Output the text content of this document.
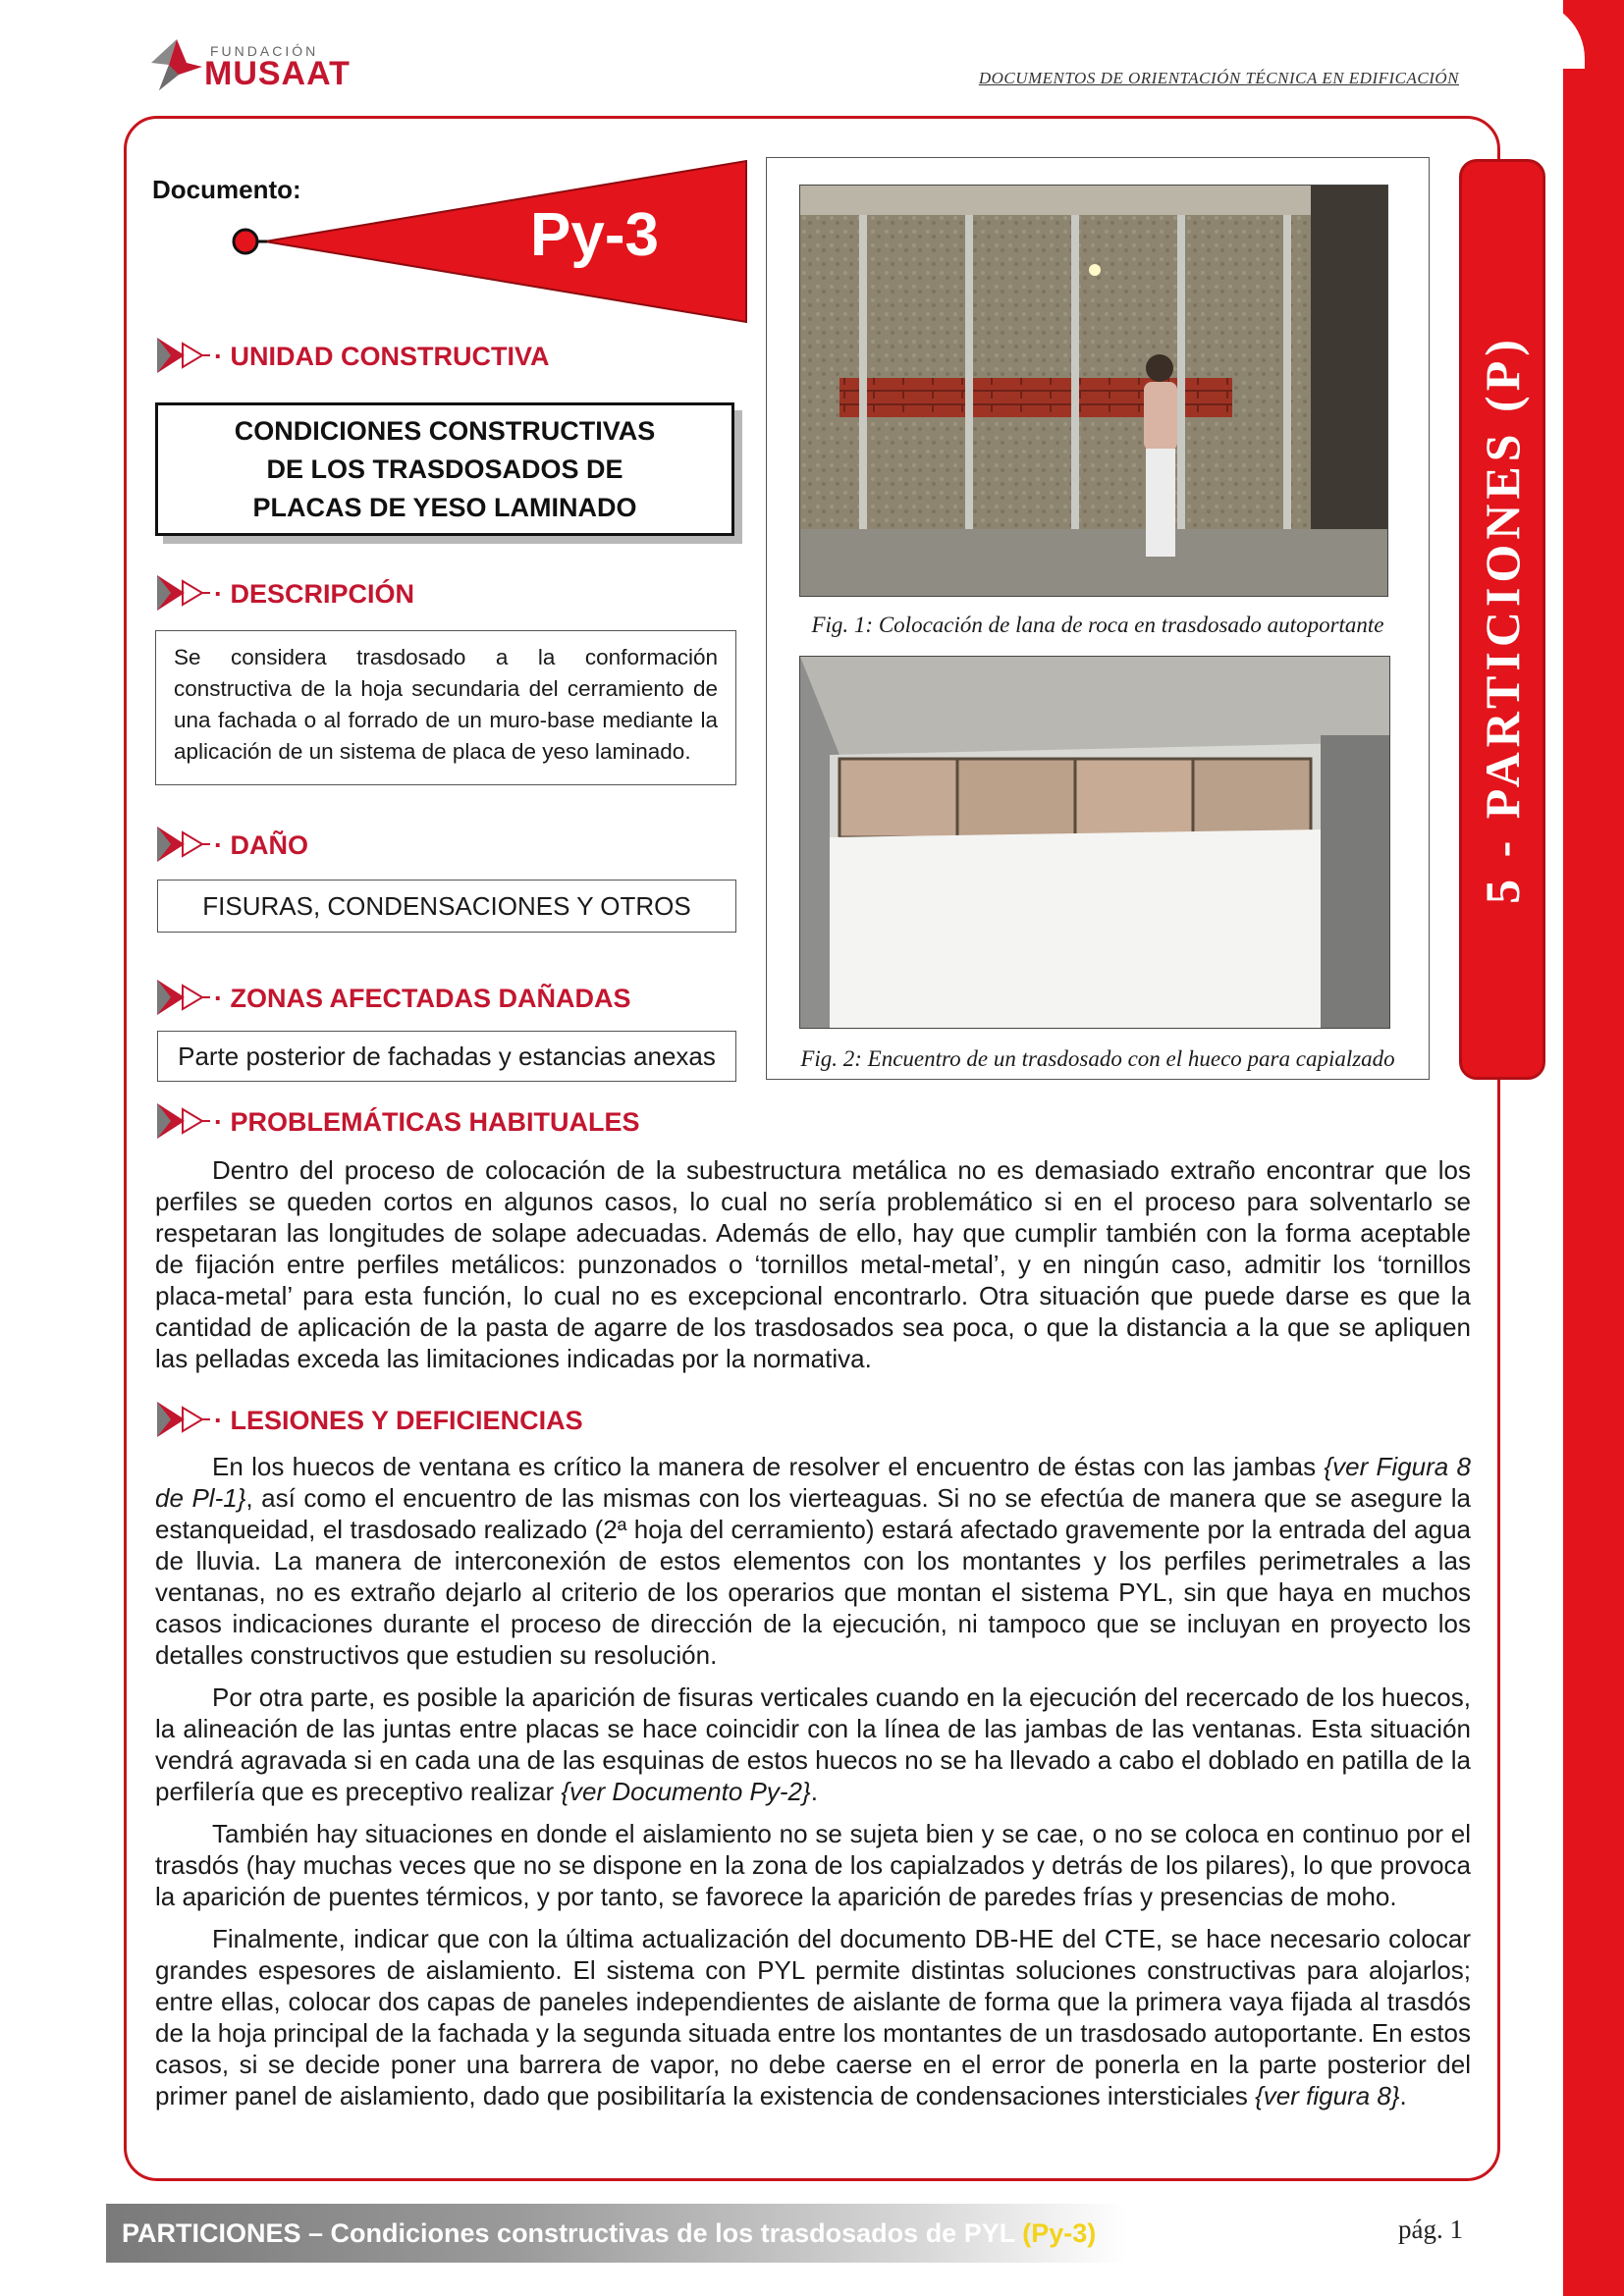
FUNDACIÓN
MUSAAT	DOCUMENTOS DE ORIENTACIÓN TÉCNICA EN EDIFICACIÓN
5 - PARTICIONES (P)
Documento:
Py-3
· UNIDAD CONSTRUCTIVA
CONDICIONES CONSTRUCTIVAS
DE LOS TRASDOSADOS DE
PLACAS DE YESO LAMINADO
· DESCRIPCIÓN
Se considera trasdosado a la conformación constructiva de la hoja secundaria del cerramiento de una fachada o al forrado de un muro-base mediante la aplicación de un sistema de placa de yeso laminado.
· DAÑO
FISURAS, CONDENSACIONES Y OTROS
· ZONAS AFECTADAS DAÑADAS
Parte posterior de fachadas y estancias anexas
Fig. 1: Colocación de lana de roca en trasdosado autoportante
Fig. 2: Encuentro de un trasdosado con el hueco para capialzado
· PROBLEMÁTICAS HABITUALES

Dentro del proceso de colocación de la subestructura metálica no es demasiado extraño encontrar que los perfiles se queden cortos en algunos casos, lo cual no sería problemático si en el proceso para solventarlo se respetaran las longitudes de solape adecuadas. Además de ello, hay que cumplir también con la forma aceptable de fijación entre perfiles metálicos: punzonados o ‘tornillos metal-metal’, y en ningún caso, admitir los ‘tornillos placa-metal’ para esta función, lo cual no es excepcional encontrarlo. Otra situación que puede darse es que la cantidad de aplicación de la pasta de agarre de los trasdosados sea poca, o que la distancia a la que se apliquen las pelladas exceda las limitaciones indicadas por la normativa.

· LESIONES Y DEFICIENCIAS

En los huecos de ventana es crítico la manera de resolver el encuentro de éstas con las jambas {ver Figura 8 de Pl-1}, así como el encuentro de las mismas con los vierteaguas. Si no se efectúa de manera que se asegure la estanqueidad, el trasdosado realizado (2ª hoja del cerramiento) estará afectado gravemente por la entrada del agua de lluvia. La manera de interconexión de estos elementos con los montantes y los perfiles perimetrales a las ventanas, no es extraño dejarlo al criterio de los operarios que montan el sistema PYL, sin que haya en muchos casos indicaciones durante el proceso de dirección de la ejecución, ni tampoco que se incluyan en proyecto los detalles constructivos que estudien su resolución.

Por otra parte, es posible la aparición de fisuras verticales cuando en la ejecución del recercado de los huecos, la alineación de las juntas entre placas se hace coincidir con la línea de las jambas de las ventanas. Esta situación vendrá agravada si en cada una de las esquinas de estos huecos no se ha llevado a cabo el doblado en patilla de la perfilería que es preceptivo realizar {ver Documento Py-2}.

También hay situaciones en donde el aislamiento no se sujeta bien y se cae, o no se coloca en continuo por el trasdós (hay muchas veces que no se dispone en la zona de los capialzados y detrás de los pilares), lo que provoca la aparición de puentes térmicos, y por tanto, se favorece la aparición de paredes frías y presencias de moho.

Finalmente, indicar que con la última actualización del documento DB-HE del CTE, se hace necesario colocar grandes espesores de aislamiento. El sistema con PYL permite distintas soluciones constructivas para alojarlos; entre ellas, colocar dos capas de paneles independientes de aislante de forma que la primera vaya fijada al trasdós de la hoja principal de la fachada y la segunda situada entre los montantes de un trasdosado autoportante. En estos casos, si se decide poner una barrera de vapor, no debe caerse en el error de ponerla en la parte posterior del primer panel de aislamiento, dado que posibilitaría la existencia de condensaciones intersticiales {ver figura 8}.

PARTICIONES – Condiciones constructivas de los trasdosados de PYL (Py-3)	pág. 1
